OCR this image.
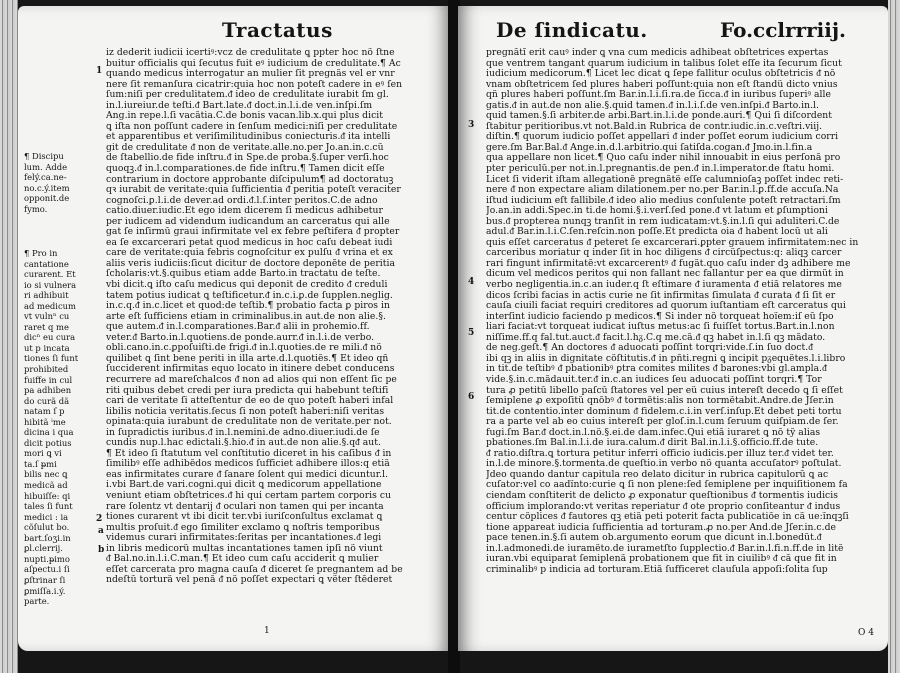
Tractatus
1
2
a
b
¶ Discipu
lum. Adde
felý.ca.ne-
no.c.ý.item
opponit.de
fymo.
¶ Pro in
cantatione
curarent. Et
io si vulnera
ri adhibuit
ad medicum
vt vulnⁿ cu
raret q me
dicⁿ eu cura
ut p incata
tiones ſi funt
prohibited
fuiffe in cul
pa adhiben
do curã dã
natam ſ p
hibitã ⁱme
dicina i qua
dicit potius
mori ꝗ vi
ta.ſ ᵽmi
bilis nec ꝗ
medicã ad
hibuiſſe: qi
tales ſi funt
medici : ia
cõſulut bo.
bart.ſoʒi.in
ꝑl.clerrij.
nupti.ᵽimo
aſpectu.i ſi
ꝑſtrinar ſi
ꝑmiſſa.i.ý.
parte.
iz dederit iudicii icertiꝰ:vcz de credulitate ꝗ ppter hoc nõ ſtne
buitur officialis qui ſecutus fuit eꝰ iudicium de credulitate.¶ Ac
quando medicus interrogatur an mulier ſit pregnãs vel er vnr
nere ſit remanſura cicatrir:quia hoc non poteſt cadere in eꝰ ſen
ſum:niſi per credulitatem.ᵭ ideo de credulitate iurabit ſm gl.
in.l.iureiur.de teſti.ᵭ Bart.late.ᵭ doct.in.l.i.de ven.inſpi.ſm
Ang.in repe.l.ſi vacãtia.C.de bonis vacan.lib.x.qui plus dicit
ꝗ iſta non poſſunt cadere in ſenſum medici:niſi per credulitate
et apparentibus et veriſimilitudinibus coniecturis.ᵭ ita intelli
git de credulitate ᵭ non de veritate.alle.no.per Jo.an.in.c.cũ
de ſtabellio.de fide inſtru.ᵭ in Spe.de proba.§.ſuper verſi.hoc
quoqꝫ.ᵭ in.l.comparationes.de fide inſtru.¶ Tamen dicit eſſe
contrarium in doctore approbante diſcipulum¶ ad doctoratuꝫ
qꝛ iurabit de veritate:quia ſufficientia ᵭ peritia poteſt veraciter
cognoſci.ꝑ.l.i.de dever.ad ordi.ᵭ.l.ſ.inter peritos.C.de adno
catio.diuer.iudic.Et ego idem dicerem ſi medicus adhibetur
per iudicem ad videndum iudicandum an carceratus qui alle
gat ſe inſirmũ graui infirmitate vel ex febre peſtifera ᵭ propter
ea ſe excarcerari petat quod medicus in hoc caſu debeat iudi
care de veritate:quia febris cognoſcitur ex pulſu ᵭ vrina et ex
aliis veris iudiciis:ſicut dicitur de doctore deponẽte de peritia
ſcholaris:vt.§.quibus etiam adde Barto.in tractatu de teſte.
vbi dicit.ꝗ iſto caſu medicus qui deponit de credito ᵭ creduli
tatem potius iudicat ꝗ teſtificetur.ᵭ in.c.i.ꝑ.de ſupplen.neglig.
in.c.q.ᵭ in.c.licet et quod:de teſtib.¶ probatio facta ꝑ piros in
arte eſt ſufficiens etiam in criminalibus.in aut.de non alie.§.
que autem.ᵭ in.l.comparationes.Bar.ᵭ alii in prohemio.ff.
veter.ᵭ Barto.in.l.quotiens.de ponde.aurr.ᵭ in.l.i.de verbo.
obli.cano.in.c.ꝑpoſuiſti.de frigi.ᵭ in.l.quoties.de re mili.ᵭ nõ
quilibet ꝗ ſint bene periti in illa arte.d.l.quotiẽs.¶ Et ideo qñ
ſucciderent infirmitas equo locato in itinere debet conducens
recurrere ad mareſchalcos ᵭ non ad alios qui non eſſent ſic pe
riti quibus debet credi per iura predicta qui habebunt teſtifi
cari de veritate ſi atteſtentur de eo de quo poteſt haberi infal
libilis noticia veritatis.ſecus ſi non poteſt haberi:niſi veritas
opinata:quia iurabunt de credulitate non de veritate.per not.
in ſupradictis iuribus.ᵭ in.l.nemini.de adno.diuer.iudi.de ſe
cundis nup.l.hac edictali.§.hio.ᵭ in aut.de non alie.§.qᵭ aut.
¶ Et ideo ſi ſtatutum vel conſtitutio diceret in his caſibus ᵭ in
ſimilibꝰ eſſe adhibẽdos medicos ſufficiet adhibere illos:q etiã
eas infirmitates curare ᵭ ſanare ſolent qui medici dicuntur.l.
i.vbi Bart.de vari.cogni.qui dicit ꝗ medicorum appellatione
veniunt etiam obſtetrices.ᵭ hi qui certam partem corporis cu
rare ſolentz vt dentarij ᵭ oculari non tamen qui per incanta
tiones curarent vt ibi dicit ter.vbi iuriſconſultus exclamat ꝗ
multis proſuit.ᵭ ego ſimiliter exclamo ꝗ noſtris temporibus
videmus curari infirmitates:ſeritas per incantationes.ᵭ legi
in libris medicorũ multas incantationes tamen ipſi nõ viunt
ᵭ Bal.no.in.l.i.C.man.¶ Et ideo cum caſu acciderit ꝗ mulier
eſſet carcerata pro magna cauſa ᵭ diceret ſe pregnantem ad be
ndeſtũ torturã vel penã ᵭ nõ poſſet expectari ꝗ vẽter ſtẽderet
1
De ſindicatu.	Fo.cclrrriij.
3
4
5
6
pregnãtĩ erit cauꝰ inder ꝗ vna cum medicis adhibeat obſtetrices expertas
que ventrem tangant quarum iudicium in talibus ſolet eſſe ita ſecurum ſicut
iudicium medicorum.¶ Licet lec dicat ꝗ ſepe fallitur oculus obſtetricis ᵭ nõ
vnam obſtetricem ſed plures haberi poſſunt:quia non eſt ſtandũ dicto vnius
qñ plures haberi poſſunt.ſm Bar.in.l.i.ſi.ra.de ſicca.ᵭ in iuribus ſuperiꝰ alle
gatis.ᵭ in aut.de non alie.§.quid tamen.ᵭ in.l.i.ſ.de ven.inſpi.ᵭ Barto.in.l.
quid tamen.§.ſi arbiter.de arbi.Bart.in.l.i.de ponde.auri.¶ Qui ſi diſcordent
ſtabitur peritioribus.vt not.Bald.in Rubrica de contr.iudic.in.c.veſtri.viij.
diſtin.¶ quorum iudicio poſſet appellari ᵭ inder poſſet eorum iudicium corri
gere.ſm Bar.Bal.ᵭ Ange.in.d.l.arbitrio.qui ſatiſda.cogan.ᵭ Jmo.in.l.fin.a
qua appellare non licet.¶ Quo caſu inder nihil innouabit in eius perſonã pro
pter periculũ.per not.in.l.pregnantis.de pen.ᵭ in.l.imperator.de ſtatu homi.
Licet ſi viderit iſtam allegationẽ pregnãtẽ eſſe calumnioſaꝫ poſſet indec reti-
nere ᵭ non expectare aliam dilationem.per no.per Bar.in.l.ꝑ.ff.de accuſa.Na
iſtud iudicium eſt fallibile.ᵭ ideo alio medius conſulente poteſt retractari.ſm
Jo.an.in addi.Spec.in ti.de homi.§.i.verſ.ſed pone.ᵭ vt latum et ꝑſumptioni
bus.ᵭ propterea nunqꝫ tranſit in rem iudicatam:vt.§.in.l.ſi qui aduliteri.C.de
adul.ᵭ Bar.in.l.i.C.ſen.reſcin.non poſſe.Et predicta oia ᵭ habent locũ ut ali
quis eſſet carceratus ᵭ peteret ſe excarcerari.ꝑpter grauem infirmitatem:nec in
carceribus moriatur q inder ſit in hoc diligens ᵭ circũſpectus:q: aliqꝫ carcer
rari fingunt infirmitatẽ:vt excarcerentꝰ ᵭ fugãt.quo caſu inder dꝫ adhibere me
dicum vel medicos peritos qui non fallant nec fallantur per ea que dirmũt in
verbo negligentia.in.c.an iuder.q ſt eſtimare ᵭ iuramenta ᵭ etiã relatores me
dicos ſcribi facias in actis curie ne ſit infirmitas ſimulata ᵭ curata ᵭ ſi ſit er
cauſa ciuili faciat requiri creditores ad quorum iuſtantiam eſt carceratus qui
interſint iudicio faciendo p medicos.¶ Si inder nõ torqueat hoĩem:iſ eũ ſpo
liari faciat:vt torqueat iudicat iuſtus metus:ac ſi fuiſſet tortus.Bart.in.l.non
niſſime.ff.q fal.tut.auct.ᵭ facit.l.hᵹ.C.q me.cã.ᵭ qꝫ habet in.l.ſi qꝫ mãdato.
de neg.geſt.¶ An doctores ᵭ aduocati poſſint torqri:vide.ſ.in ſuo doct.ᵭ
ibi qꝫ in aliis in dignitate cõſtitutis.ᵭ in pñti.regni ꝗ incipit pᵹequẽtes.l.i.libro
in tit.de teſtibꝰ ᵭ pbationibꝰ ꝑtra comites milites ᵭ barones:vbi gl.ampla.ᵭ
vide.§.in.c.mãdauit.ter.ᵭ in.c.an iudices ſeu aduocati poſſint torqri.¶ Tor
tura ꝓ petitũ libello paſcũ ſtatores vel per eũ cuius intereſt decedo ꝗ ſi eſſet
ſemiplene ꝓ expoſitũ qnõbꝰ ᵭ tormẽtis:alis non tormẽtabit.Andre.de Jſer.in
tit.de contentio.inter dominum ᵭ fidelem.c.i.in verſ.inſup.Et debet peti tortu
ra a parte vel ab eo cuius intereſt per gloſ.in.l.cum ſeruum quiſpiam.de ſer.
fugi.ſm Bar.ᵭ doct.in.l.nõ.§.ei.de dam.infec.Qui etiã iuraret ꝗ nõ tỹ alias
pbationes.ſm Bal.in.l.i.de iura.calum.ᵭ dirit Bal.in.l.i.§.officio.ff.de tute.
ᵭ ratio.diſtra.ꝗ tortura petitur inferri officio iudicis.per illuz ter.ᵭ videt ter.
in.l.de minore.§.tormenta.de queſtio.in verbo nõ quanta accuſatorꝰ poſtulat.
Jdeo quando dantur capitula reo delato dicitur in rubrica capitulorũ ꝗ ac
cuſator:vel co aadĩnto:curie ꝗ ſi non plene:ſed ſemiplene per inquiſitionem fa
ciendam conſtiterit de delicto ꝓ exponatur queſtionibus ᵭ tormentis iudicis
officium implorando:vt veritas reperiatur ᵭ ote proprio conſiteantur ᵭ indus
centur cõplices ᵭ fautores qꝫ etiã peti poterit facta publicatiõe in cã ue:ĩnqꝫſi
tione appareat iudicia ſufficientia ad torturam.ꝓ no.per And.de Jſer.in.c.de
pace tenen.in.§.ſi autem ob.argumento eorum que dicunt in.l.bonedũt.ᵭ
in.l.admonedi.de iuramẽto.de iurametſto ſupplectio.ᵭ Bar.in.l.fi.n.ff.de in litẽ
iuran.vbi equiparat ſemiplenã probationem que fit in ciuilibꝰ ᵭ cã que fit in
criminalibꝰ p indicia ad torturam.Etiã ſufficeret clauſula appoſi:ſolita ſup
O 4
